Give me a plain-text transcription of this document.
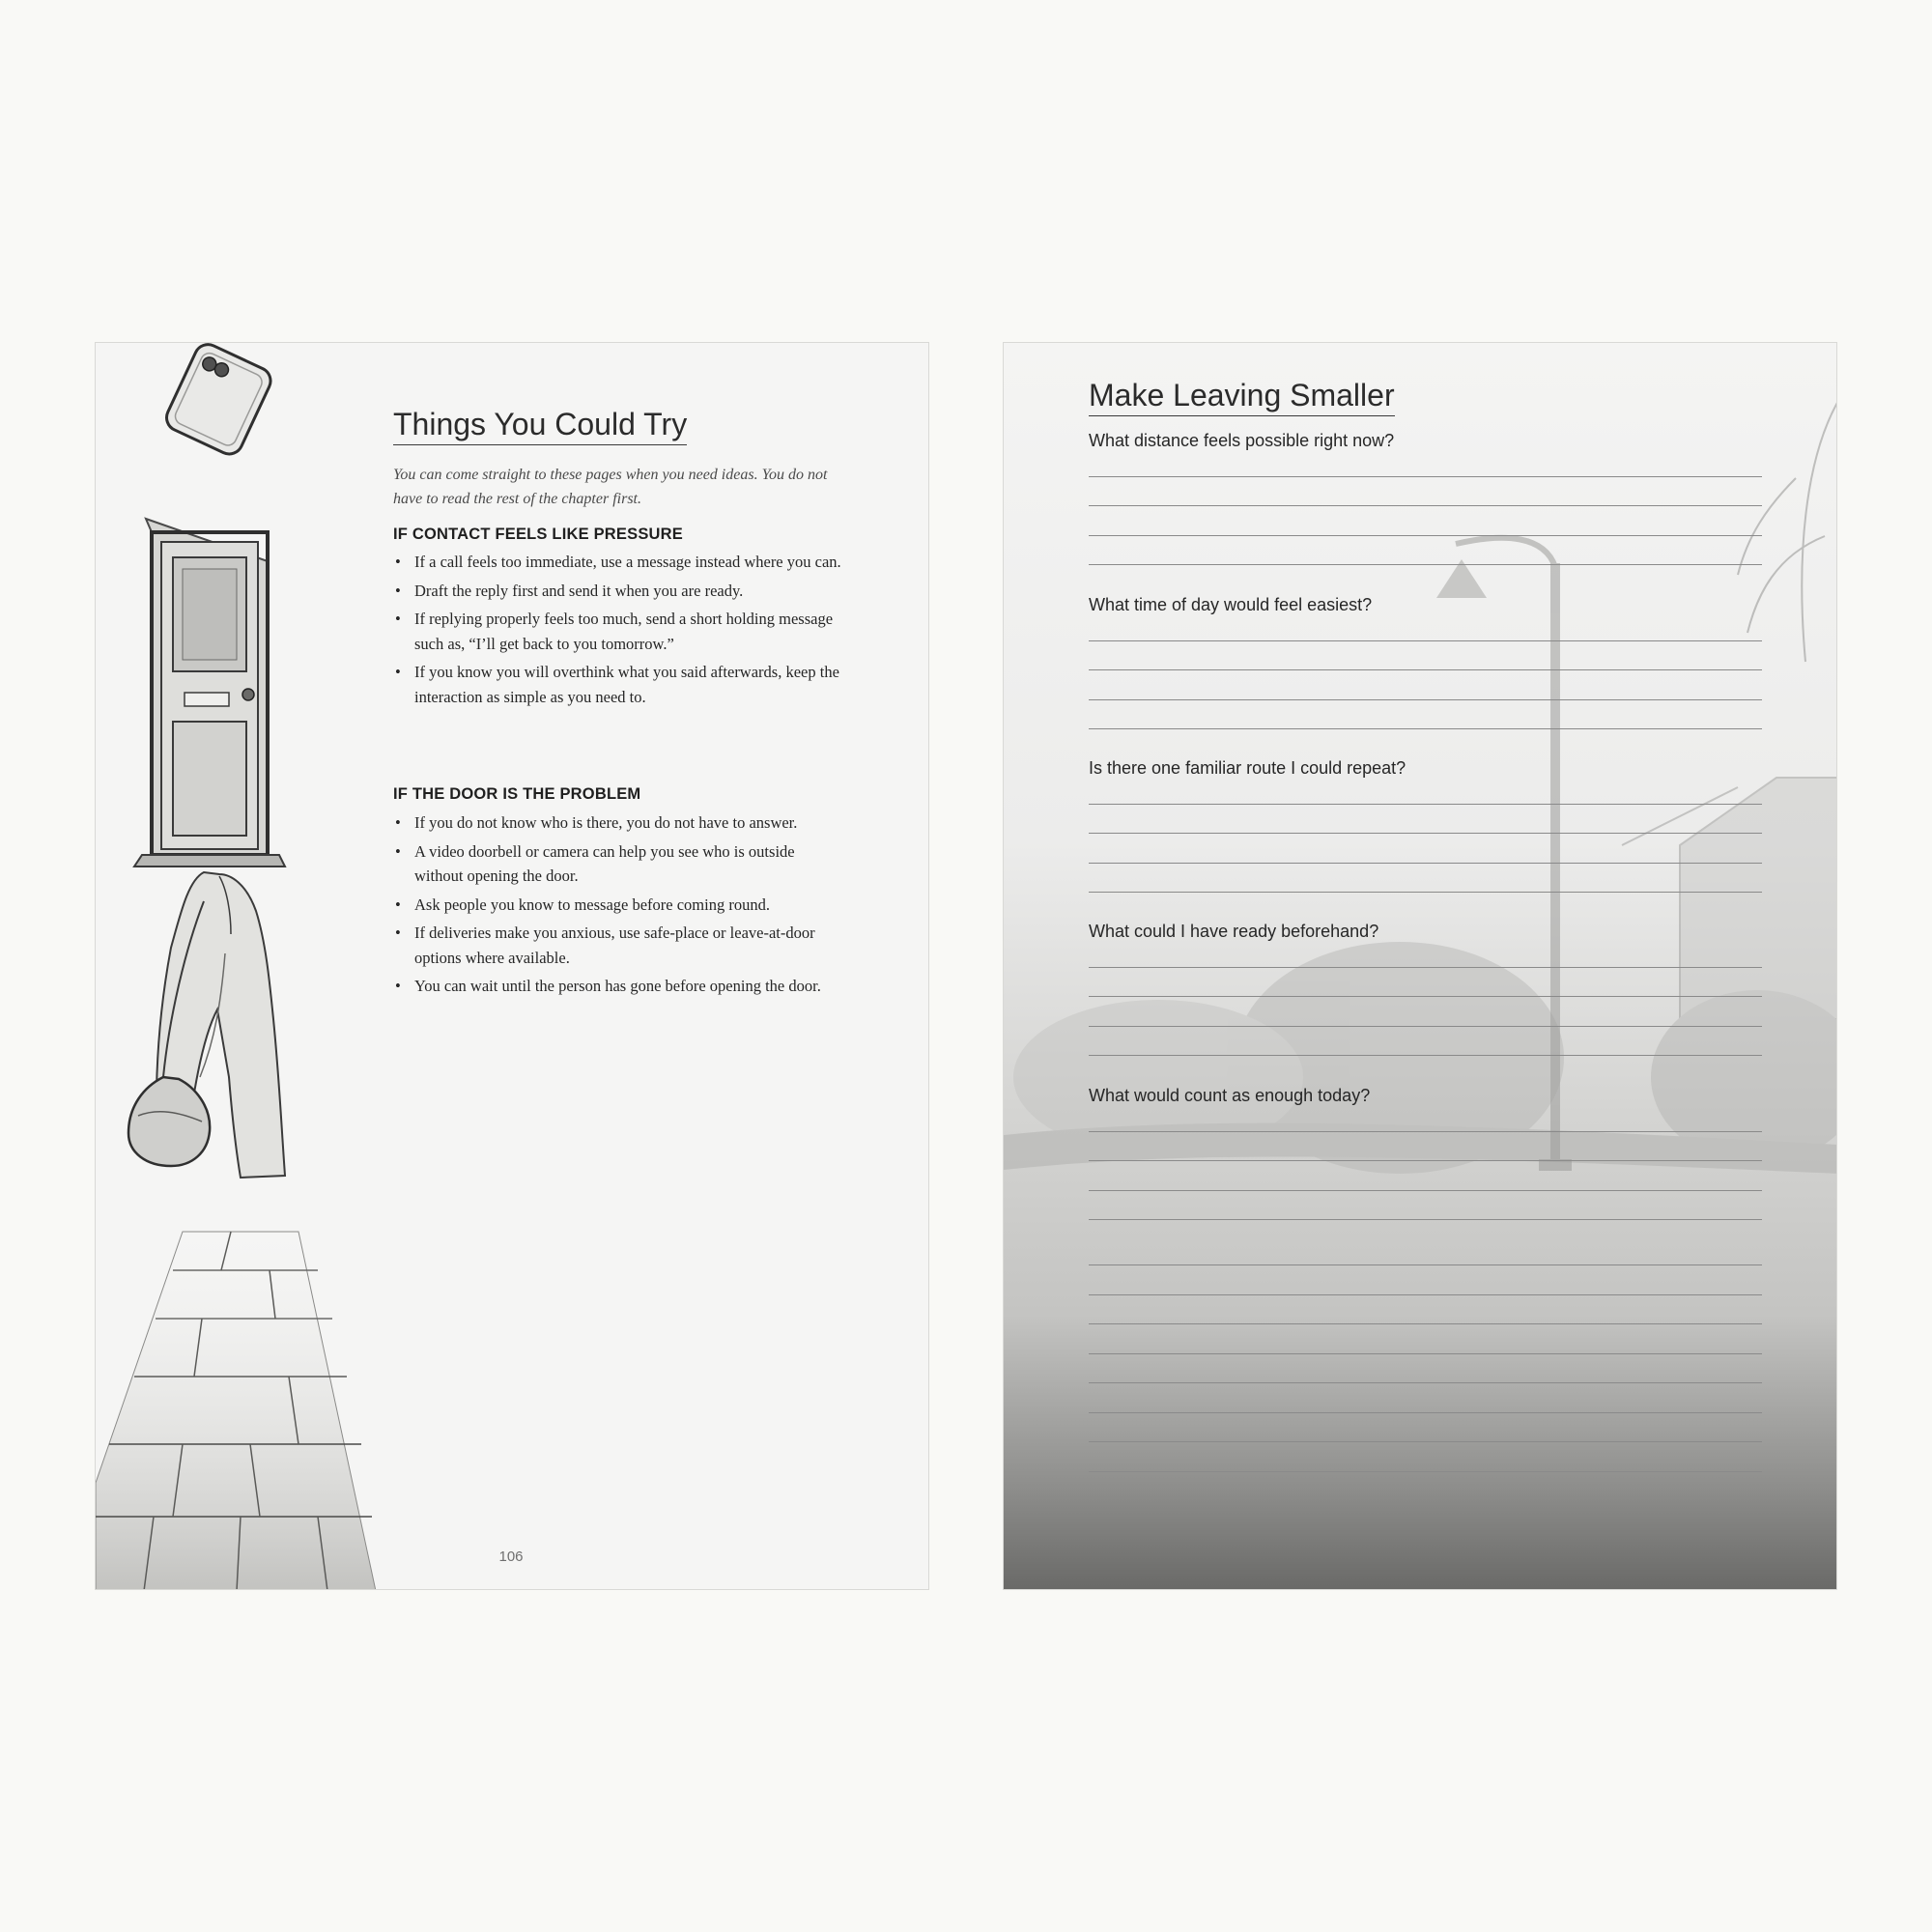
Things You Could Try

You can come straight to these pages when you need ideas. You do not have to read the rest of the chapter first.

IF CONTACT FEELS LIKE PRESSURE
• If a call feels too immediate, use a message instead where you can.
• Draft the reply first and send it when you are ready.
• If replying properly feels too much, send a short holding message such as, “I’ll get back to you tomorrow.”
• If you know you will overthink what you said afterwards, keep the interaction as simple as you need to.
IF THE DOOR IS THE PROBLEM
• If you do not know who is there, you do not have to answer.
• A video doorbell or camera can help you see who is outside without opening the door.
• Ask people you know to message before coming round.
• If deliveries make you anxious, use safe-place or leave-at-door options where available.
• You can wait until the person has gone before opening the door.
106
Make Leaving Smaller

What distance feels possible right now?

What time of day would feel easiest?

Is there one familiar route I could repeat?

What could I have ready beforehand?

What would count as enough today?
